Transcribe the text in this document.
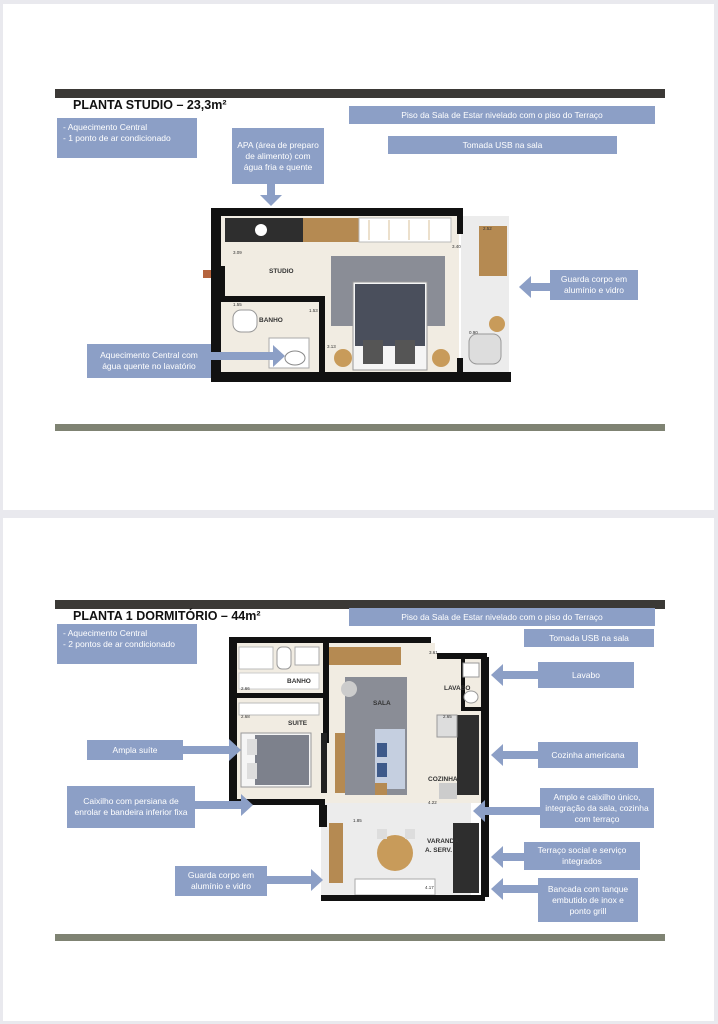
PLANTA STUDIO – 23,3m²
- Aquecimento Central
- 1 ponto de ar condicionado
APA (área de preparo de alimento) com água fria e quente
Piso da Sala de Estar nivelado com o piso do Terraço
Tomada USB na sala
STUDIO
BANHO
3.09
2.52
3.40
1.55
1.53
3.13
0.90
Guarda corpo em alumínio e vidro
Aquecimento Central com água quente no lavatório
PLANTA 1 DORMITÓRIO – 44m²	Piso da Sala de Estar nivelado com o piso do Terraço
Tomada USB na sala
- Aquecimento Central
- 2 pontos de ar condicionado
BANHO
SUITE
SALA
LAVABO
COZINHA
VARANDA
A. SERV.
3.61
2.66
2.68	2.65
4.22
4.17
1.85
Ampla suíte
Caixilho com persiana de enrolar e bandeira inferior fixa
Guarda corpo em alumínio e vidro
Lavabo
Cozinha americana
Amplo e caixilho único, integração da sala, cozinha com terraço
Terraço social e serviço integrados
Bancada com tanque embutido de inox e ponto grill
